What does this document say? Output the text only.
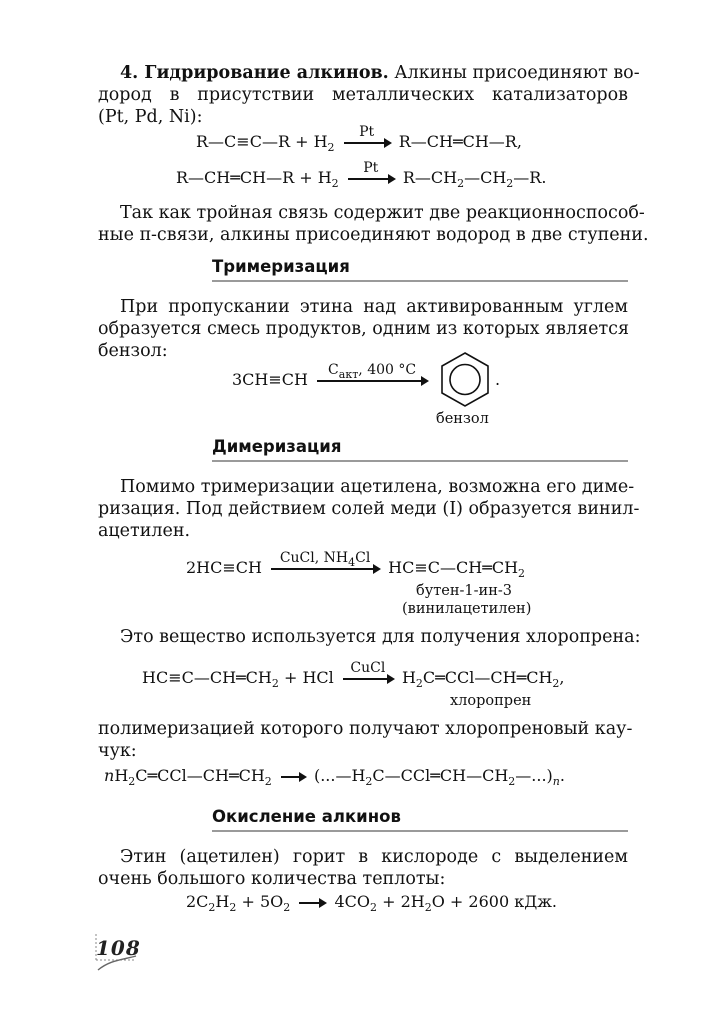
4. Гидрирование алкинов. Алкины присоединяют во-
дород в присутствии металлических катализаторов
(Pt, Pd, Ni):

R—C≡C—R + $H_2$
Pt
R—CH═CH—R,
R—CH═CH—R + $H_2$
Pt
$R—CH_2—CH_2—R$.

Так как тройная связь содержит две реакционноспособ-
ные π-связи, алкины присоединяют водород в две ступени.

Тримеризация

При пропускании этина над активированным углем
образуется смесь продуктов, одним из которых является
бензол:

3CH≡CH
$C_{акт}$, 400 °C
.
бензол
Димеризация

Помимо тримеризации ацетилена, возможна его диме-
ризация. Под действием солей меди (I) образуется винил-
ацетилен.

2HC≡CH
CuCl, $NH_4Cl$
$HC\equiv C—CH═CH_2$
бутен-1-ин-3
(винилацетилен)

Это вещество используется для получения хлоропрена:

$HC\equiv C—CH═CH_2$ + HCl
CuCl
$H_2C═CCl—CH═CH_2$,
хлоропрен

полимеризацией которого получают хлоропреновый кау-
чук:

$nH_2C═CCl—CH═CH_2$ → $(...—H_2C—CCl═CH—CH_2—...)_n$.
Окисление алкинов

Этин (ацетилен) горит в кислороде с выделением
очень большого количества теплоты:

$2C_2H_2 + 5O_2 \to 4CO_2 + 2H_2O + 2600$ кДж.
108
